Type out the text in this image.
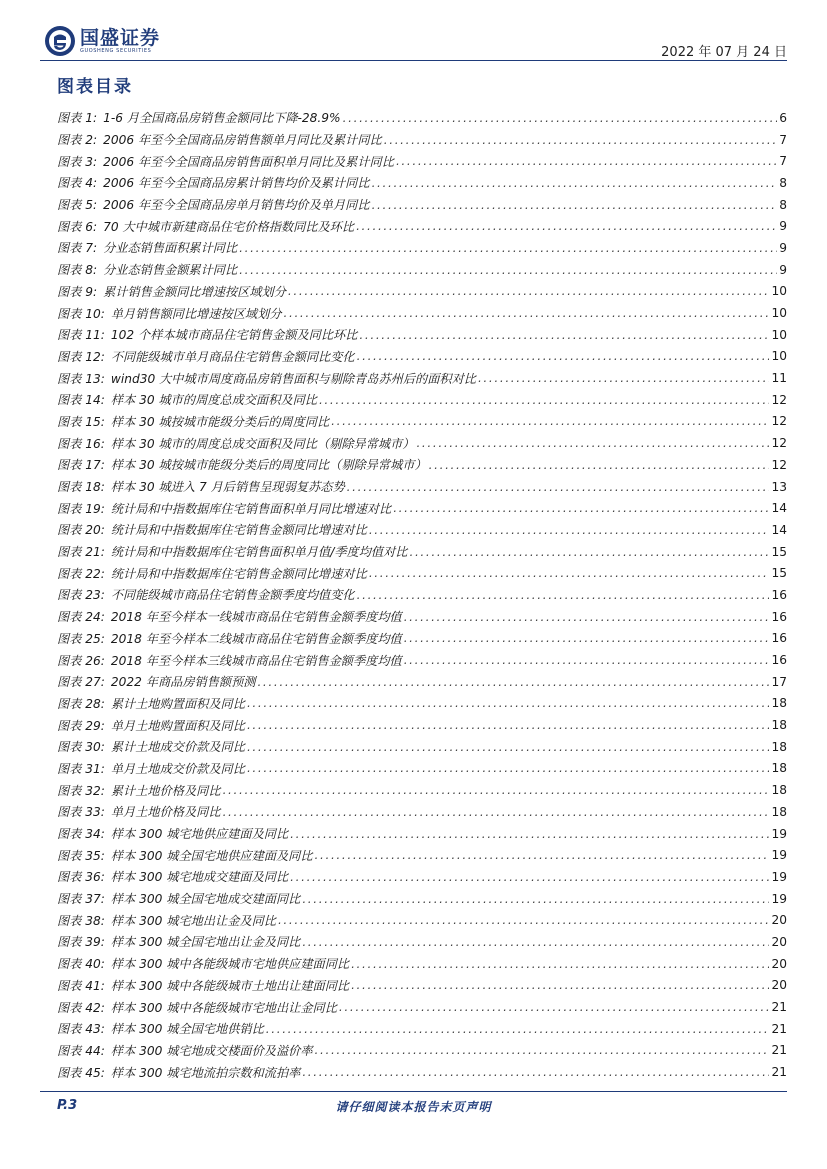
国盛证券
GUOSHENG SECURITIES	2022 年 07 月 24 日
图表目录
图表 1:
1-6 月全国商品房销售金额同比下降-28.9% .....	6
图表 2:
2006 年至今全国商品房销售额单月同比及累计同比 .....	7
图表 3:
2006 年至今全国商品房销售面积单月同比及累计同比 .....	7
图表 4:
2006 年至今全国商品房累计销售均价及累计同比 .....	8
图表 5:
2006 年至今全国商品房单月销售均价及单月同比 .....	8
图表 6:
70 大中城市新建商品住宅价格指数同比及环比 .....	9
图表 7:
分业态销售面积累计同比 .....	9
图表 8:
分业态销售金额累计同比 .....	9
图表 9:
累计销售金额同比增速按区域划分 .....	10
图表 10:
单月销售额同比增速按区域划分 .....	10
图表 11:
102 个样本城市商品住宅销售金额及同比环比 .....	10
图表 12:
不同能级城市单月商品住宅销售金额同比变化 .....	10
图表 13:
wind30 大中城市周度商品房销售面积与剔除青岛苏州后的面积对比 .....	11
图表 14:
样本 30 城市的周度总成交面积及同比 .....	12
图表 15:
样本 30 城按城市能级分类后的周度同比 .....	12
图表 16:
样本 30 城市的周度总成交面积及同比（剔除异常城市） .....	12
图表 17:
样本 30 城按城市能级分类后的周度同比（剔除异常城市） .....	12
图表 18:
样本 30 城进入 7 月后销售呈现弱复苏态势 .....	13
图表 19:
统计局和中指数据库住宅销售面积单月同比增速对比 .....	14
图表 20:
统计局和中指数据库住宅销售金额同比增速对比 .....	14
图表 21:
统计局和中指数据库住宅销售面积单月值/季度均值对比 .....	15
图表 22:
统计局和中指数据库住宅销售金额同比增速对比 .....	15
图表 23:
不同能级城市商品住宅销售金额季度均值变化 .....	16
图表 24:
2018 年至今样本一线城市商品住宅销售金额季度均值 .....	16
图表 25:
2018 年至今样本二线城市商品住宅销售金额季度均值 .....	16
图表 26:
2018 年至今样本三线城市商品住宅销售金额季度均值 .....	16
图表 27:
2022 年商品房销售额预测 .....	17
图表 28:
累计土地购置面积及同比 .....	18
图表 29:
单月土地购置面积及同比 .....	18
图表 30:
累计土地成交价款及同比 .....	18
图表 31:
单月土地成交价款及同比 .....	18
图表 32:
累计土地价格及同比 .....	18
图表 33:
单月土地价格及同比 .....	18
图表 34:
样本 300 城宅地供应建面及同比 .....	19
图表 35:
样本 300 城全国宅地供应建面及同比 .....	19
图表 36:
样本 300 城宅地成交建面及同比 .....	19
图表 37:
样本 300 城全国宅地成交建面同比 .....	19
图表 38:
样本 300 城宅地出让金及同比 .....	20
图表 39:
样本 300 城全国宅地出让金及同比 .....	20
图表 40:
样本 300 城中各能级城市宅地供应建面同比 .....	20
图表 41:
样本 300 城中各能级城市土地出让建面同比 .....	20
图表 42:
样本 300 城中各能级城市宅地出让金同比 .....	21
图表 43:
样本 300 城全国宅地供销比 .....	21
图表 44:
样本 300 城宅地成交楼面价及溢价率 .....	21
图表 45:
样本 300 城宅地流拍宗数和流拍率 .....	21
P.3	请仔细阅读本报告末页声明
